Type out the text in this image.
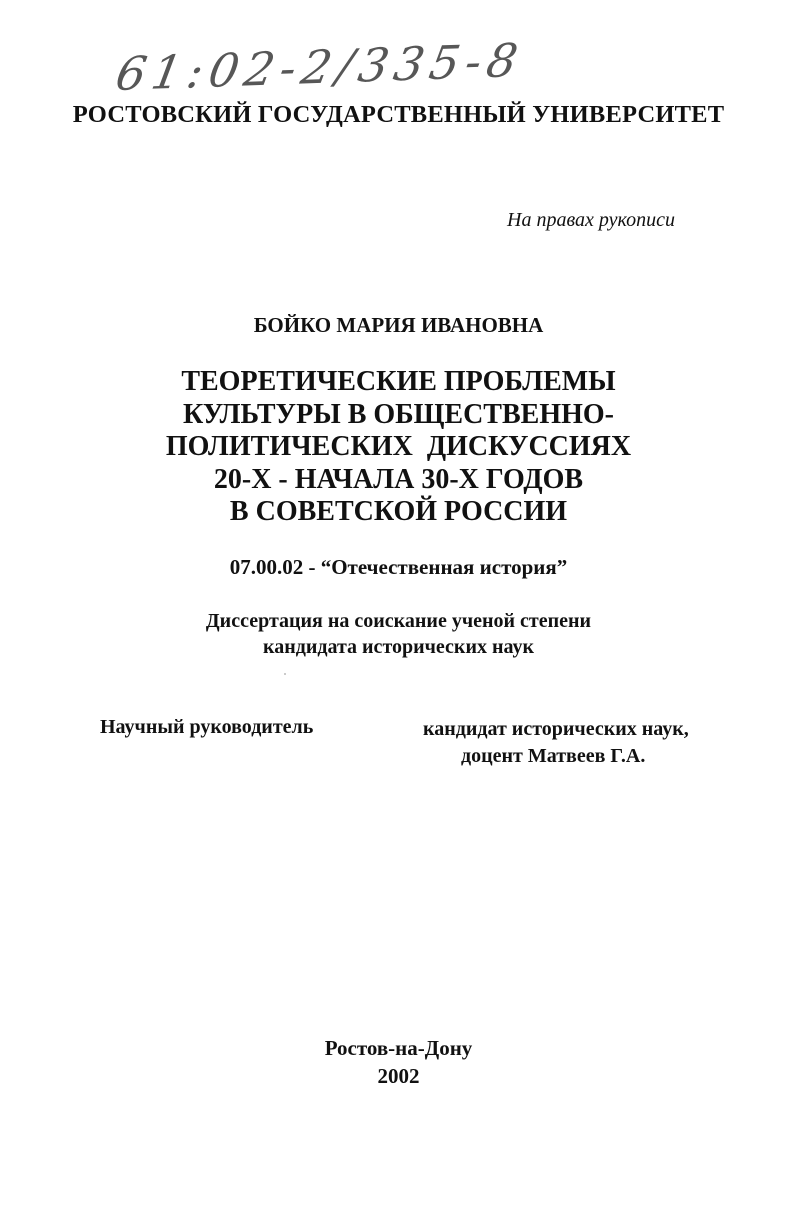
61:02-2/335-8
РОСТОВСКИЙ ГОСУДАРСТВЕННЫЙ УНИВЕРСИТЕТ
На правах рукописи
БОЙКО МАРИЯ ИВАНОВНА
ТЕОРЕТИЧЕСКИЕ ПРОБЛЕМЫ
КУЛЬТУРЫ В ОБЩЕСТВЕННО-
ПОЛИТИЧЕСКИХ  ДИСКУССИЯХ
20-Х - НАЧАЛА 30-Х ГОДОВ
В СОВЕТСКОЙ РОССИИ
07.00.02 - “Отечественная история”
Диссертация на соискание ученой степени
кандидата исторических наук
Научный руководитель	кандидат исторических наук,
доцент Матвеев Г.А.
Ростов-на-Дону
2002
